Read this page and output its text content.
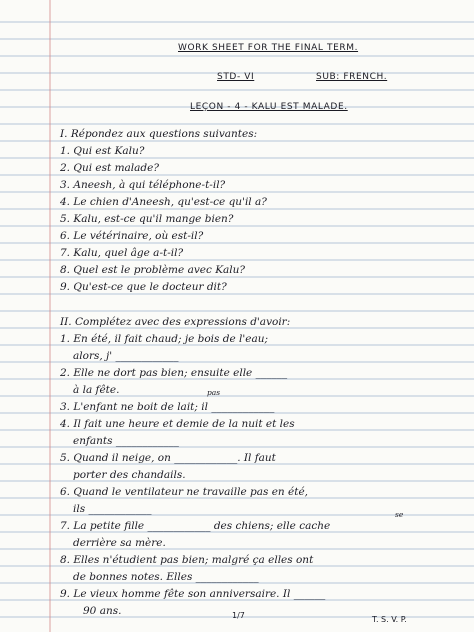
WORK SHEET FOR THE FINAL TERM.
STD- VI	SUB: FRENCH.
LEÇON - 4 - KALU EST MALADE.
I. Répondez aux questions suivantes:
1. Qui est Kalu?
2. Qui est malade?
3. Aneesh, à qui téléphone-t-il?
4. Le chien d'Aneesh, qu'est-ce qu'il a?
5. Kalu, est-ce qu'il mange bien?
6. Le vétérinaire, où est-il?
7. Kalu, quel âge a-t-il?
8. Quel est le problème avec Kalu?
9. Qu'est-ce que le docteur dit?
II. Complétez avec des expressions d'avoir:
1. En été, il fait chaud; je bois de l'eau;
alors, j' ____________
2. Elle ne dort pas bien; ensuite elle ______
à la fête.	pas
3. L'enfant ne boit de lait; il ____________
4. Il fait une heure et demie de la nuit et les
enfants ____________
5. Quand il neige, on ____________. Il faut
porter des chandails.
6. Quand le ventilateur ne travaille pas en été,
ils ____________	se
7. La petite fille ____________ des chiens; elle cache
derrière sa mère.
8. Elles n'étudient pas bien; malgré ça elles ont
de bonnes notes. Elles ____________
9. Le vieux homme fête son anniversaire. Il ______
90 ans.	1/7	T. S. V. P.
